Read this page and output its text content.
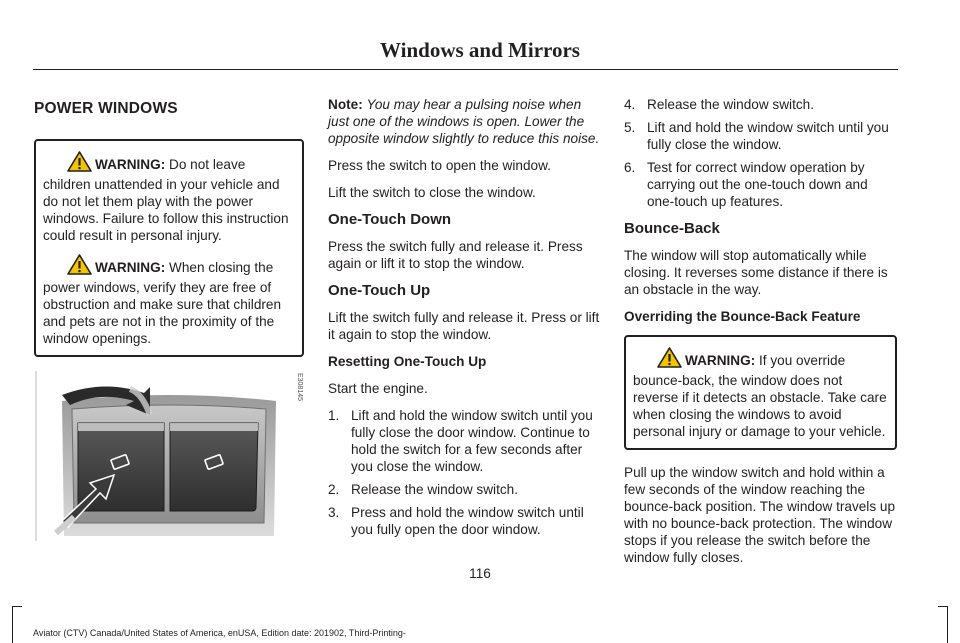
Windows and Mirrors
POWER WINDOWS

WARNING: Do not leave children unattended in your vehicle and do not let them play with the power windows. Failure to follow this instruction could result in personal injury.

WARNING: When closing the power windows, verify they are free of obstruction and make sure that children and pets are not in the proximity of the window openings.

E308145

Note: You may hear a pulsing noise when just one of the windows is open. Lower the opposite window slightly to reduce this noise.

Press the switch to open the window.

Lift the switch to close the window.

One-Touch Down

Press the switch fully and release it. Press again or lift it to stop the window.

One-Touch Up

Lift the switch fully and release it. Press or lift it again to stop the window.

Resetting One-Touch Up

Start the engine.

1. Lift and hold the window switch until you fully close the door window. Continue to hold the switch for a few seconds after you close the window.
2. Release the window switch.
3. Press and hold the window switch until you fully open the door window.
4. Release the window switch.
5. Lift and hold the window switch until you fully close the window.
6. Test for correct window operation by carrying out the one-touch down and one-touch up features.
Bounce-Back

The window will stop automatically while closing. It reverses some distance if there is an obstacle in the way.

Overriding the Bounce-Back Feature

WARNING: If you override bounce-back, the window does not reverse if it detects an obstacle. Take care when closing the windows to avoid personal injury or damage to your vehicle.

Pull up the window switch and hold within a few seconds of the window reaching the bounce-back position. The window travels up with no bounce-back protection. The window stops if you release the switch before the window fully closes.

116
Aviator (CTV) Canada/United States of America, enUSA, Edition date: 201902, Third-Printing-
